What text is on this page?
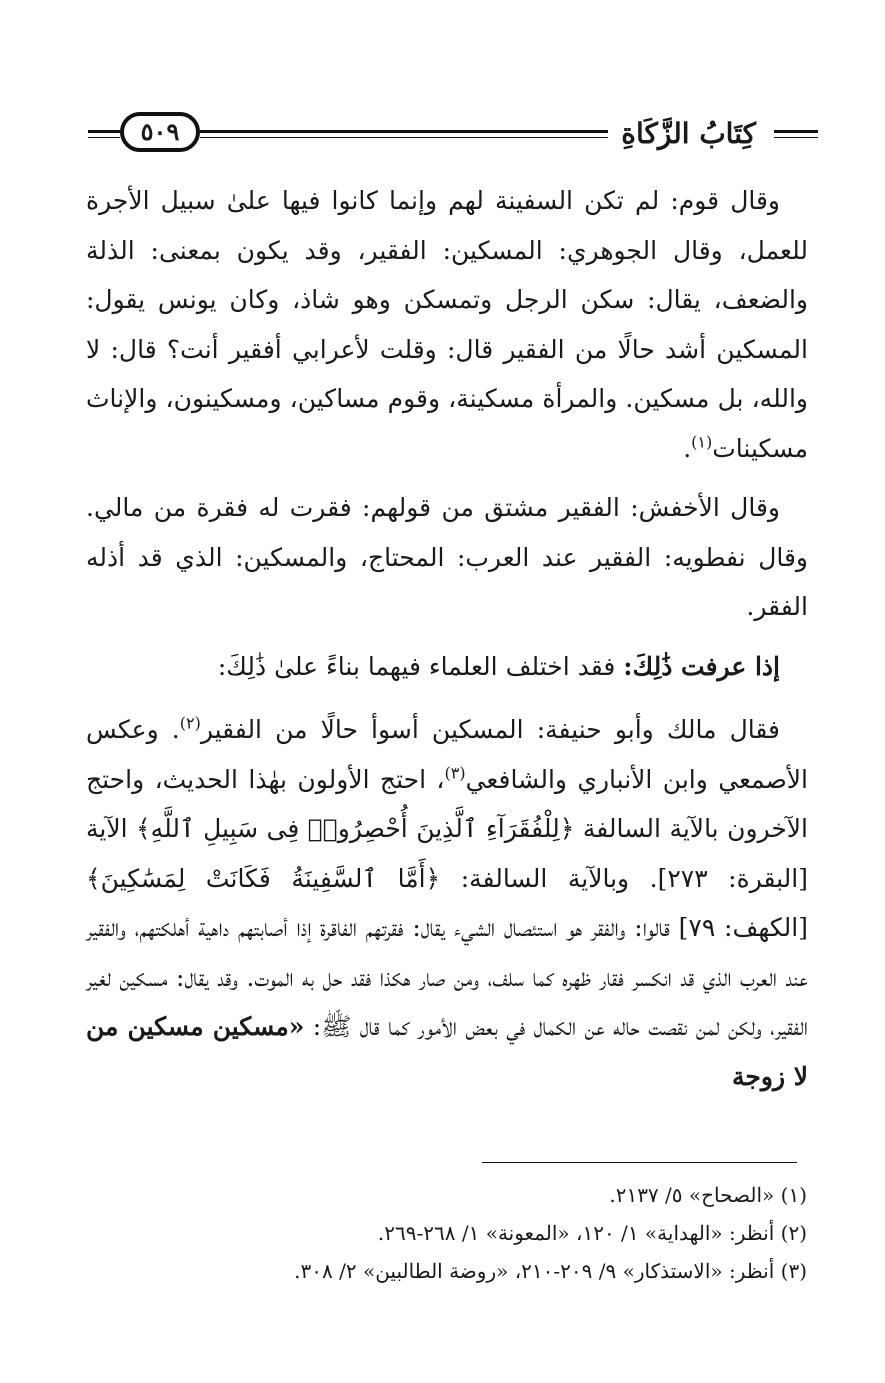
كِتَابُ الزَّكَاةِ
٥٠٩

وقال قوم: لم تكن السفينة لهم وإنما كانوا فيها علىٰ سبيل الأجرة للعمل، وقال الجوهري: المسكين: الفقير، وقد يكون بمعنى: الذلة والضعف، يقال: سكن الرجل وتمسكن وهو شاذ، وكان يونس يقول: المسكين أشد حالًا من الفقير قال: وقلت لأعرابي أفقير أنت؟ قال: لا والله، بل مسكين. والمرأة مسكينة، وقوم مساكين، ومسكينون، والإناث مسكينات$^{(١)}$.

وقال الأخفش: الفقير مشتق من قولهم: فقرت له فقرة من مالي. وقال نفطويه: الفقير عند العرب: المحتاج، والمسكين: الذي قد أذله الفقر.

إذا عرفت ذَٰلِكَ: فقد اختلف العلماء فيهما بناءً علىٰ ذَٰلِكَ:

فقال مالك وأبو حنيفة: المسكين أسوأ حالًا من الفقير$^{(٢)}$. وعكس الأصمعي وابن الأنباري والشافعي$^{(٣)}$، احتج الأولون بهٰذا الحديث، واحتج الآخرون بالآية السالفة ﴿لِلْفُقَرَآءِ ٱلَّذِينَ أُحْصِرُوا۟ فِى سَبِيلِ ٱللَّهِ﴾ الآية [البقرة: ٢٧٣]. وبالآية السالفة: ﴿أَمَّا ٱلسَّفِينَةُ فَكَانَتْ لِمَسَٰكِينَ﴾ [الكهف: ٧٩] قالوا: والفقر هو استئصال الشيء يقال: فقرتهم الفاقرة إذا أصابتهم داهية أهلكتهم، والفقير عند العرب الذي قد انكسر فقار ظهره كما سلف، ومن صار هكذا فقد حل به الموت. وقد يقال: مسكين لغير الفقير، ولكن لمن نقصت حاله عن الكمال في بعض الأمور كما قال ﷺ: «مسكين مسكين من لا زوجة

(١) «الصحاح» ٥/ ٢١٣٧.
(٢) أنظر: «الهداية» ١/ ١٢٠، «المعونة» ١/ ٢٦٨-٢٦٩.
(٣) أنظر: «الاستذكار» ٩/ ٢٠٩-٢١٠، «روضة الطالبين» ٢/ ٣٠٨.
